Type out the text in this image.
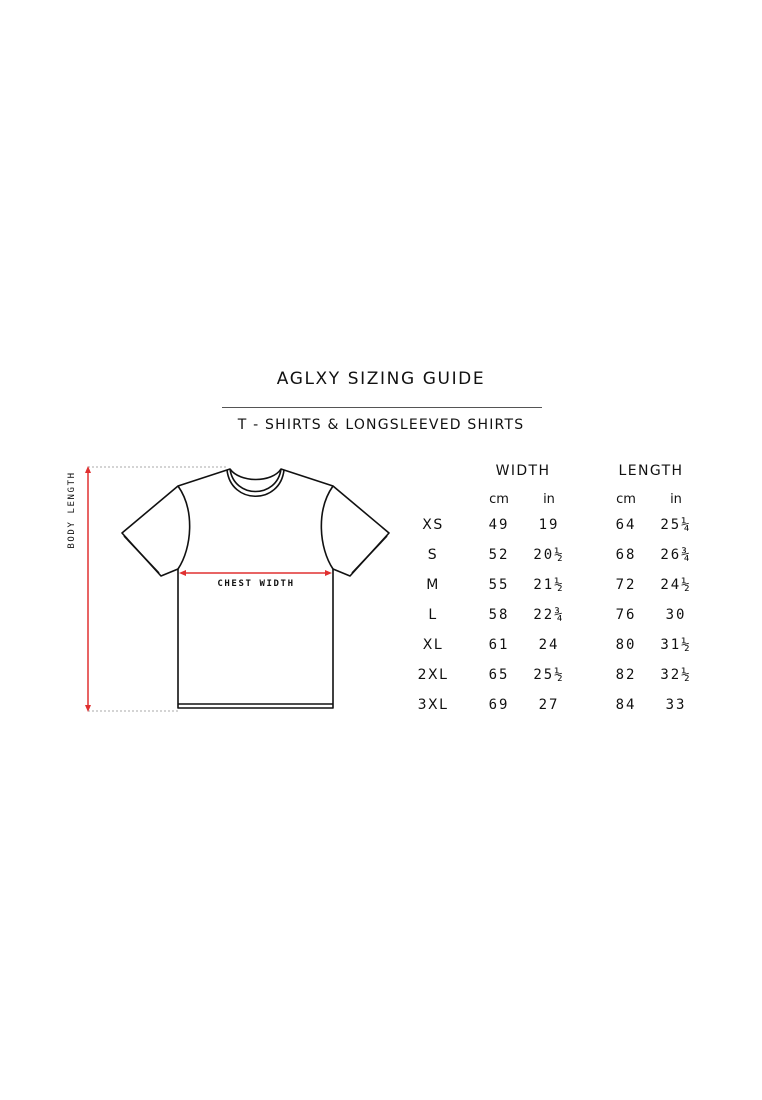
AGLXY SIZING GUIDE
T - SHIRTS & LONGSLEEVED SHIRTS
BODY LENGTH
CHEST WIDTH
WIDTH	LENGTH
cm	in	cm	in
XS	49	19	64	25¼
S	52	20½	68	26¾
M	55	21½	72	24½
L	58	22¾	76	30
XL	61	24	80	31½
2XL	65	25½	82	32½
3XL	69	27	84	33
